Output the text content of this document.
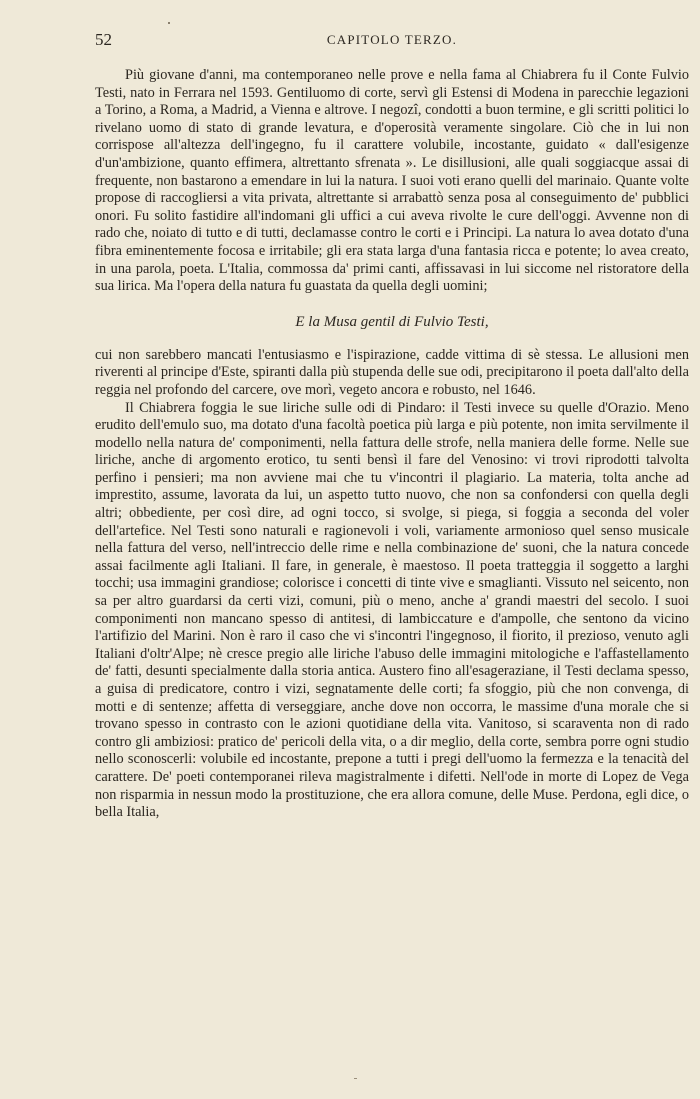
52	CAPITOLO TERZO.

Più giovane d'anni, ma contemporaneo nelle prove e nella fama al Chiabrera fu il Conte Fulvio Testi, nato in Ferrara nel 1593. Gentiluomo di corte, servì gli Estensi di Modena in parecchie legazioni a Torino, a Roma, a Madrid, a Vienna e altrove. I negozî, condotti a buon termine, e gli scritti politici lo rivelano uomo di stato di grande levatura, e d'operosità veramente singolare. Ciò che in lui non corrispose all'altezza dell'ingegno, fu il carattere volubile, incostante, guidato « dall'esigenze d'un'ambizione, quanto effimera, altrettanto sfrenata ». Le disillusioni, alle quali soggiacque assai di frequente, non bastarono a emendare in lui la natura. I suoi voti erano quelli del marinaio. Quante volte propose di raccogliersi a vita privata, altrettante si arrabattò senza posa al conseguimento de' pubblici onori. Fu solito fastidire all'indomani gli uffici a cui aveva rivolte le cure dell'oggi. Avvenne non di rado che, noiato di tutto e di tutti, declamasse contro le corti e i Principi. La natura lo avea dotato d'una fibra eminentemente focosa e irritabile; gli era stata larga d'una fantasia ricca e potente; lo avea creato, in una parola, poeta. L'Italia, commossa da' primi canti, affissavasi in lui siccome nel ristoratore della sua lirica. Ma l'opera della natura fu guastata da quella degli uomini;

E la Musa gentil di Fulvio Testi,

cui non sarebbero mancati l'entusiasmo e l'ispirazione, cadde vittima di sè stessa. Le allusioni men riverenti al principe d'Este, spiranti dalla più stupenda delle sue odi, precipitarono il poeta dall'alto della reggia nel profondo del carcere, ove morì, vegeto ancora e robusto, nel 1646.

Il Chiabrera foggia le sue liriche sulle odi di Pindaro: il Testi invece su quelle d'Orazio. Meno erudito dell'emulo suo, ma dotato d'una facoltà poetica più larga e più potente, non imita servilmente il modello nella natura de' componimenti, nella fattura delle strofe, nella maniera delle forme. Nelle sue liriche, anche di argomento erotico, tu senti bensì il fare del Venosino: vi trovi riprodotti talvolta perfino i pensieri; ma non avviene mai che tu v'incontri il plagiario. La materia, tolta anche ad imprestito, assume, lavorata da lui, un aspetto tutto nuovo, che non sa confondersi con quella degli altri; obbediente, per così dire, ad ogni tocco, si svolge, si piega, si foggia a seconda del voler dell'artefice. Nel Testi sono naturali e ragionevoli i voli, variamente armonioso quel senso musicale nella fattura del verso, nell'intreccio delle rime e nella combinazione de' suoni, che la natura concede assai facilmente agli Italiani. Il fare, in generale, è maestoso. Il poeta tratteggia il soggetto a larghi tocchi; usa immagini grandiose; colorisce i concetti di tinte vive e smaglianti. Vissuto nel seicento, non sa per altro guardarsi da certi vizi, comuni, più o meno, anche a' grandi maestri del secolo. I suoi componimenti non mancano spesso di antitesi, di lambiccature e d'ampolle, che sentono da vicino l'artifizio del Marini. Non è raro il caso che vi s'incontri l'ingegnoso, il fiorito, il prezioso, venuto agli Italiani d'oltr'Alpe; nè cresce pregio alle liriche l'abuso delle immagini mitologiche e l'affastellamento de' fatti, desunti specialmente dalla storia antica. Austero fino all'esageraziane, il Testi declama spesso, a guisa di predicatore, contro i vizi, segnatamente delle corti; fa sfoggio, più che non convenga, di motti e di sentenze; affetta di verseggiare, anche dove non occorra, le massime d'una morale che si trovano spesso in contrasto con le azioni quotidiane della vita. Vanitoso, si scaraventa non di rado contro gli ambiziosi: pratico de' pericoli della vita, o a dir meglio, della corte, sembra porre ogni studio nello sconoscerli: volubile ed incostante, prepone a tutti i pregi dell'uomo la fermezza e la tenacità del carattere. De' poeti contemporanei rileva magistralmente i difetti. Nell'ode in morte di Lopez de Vega non risparmia in nessun modo la prostituzione, che era allora comune, delle Muse. Perdona, egli dice, o bella Italia,
